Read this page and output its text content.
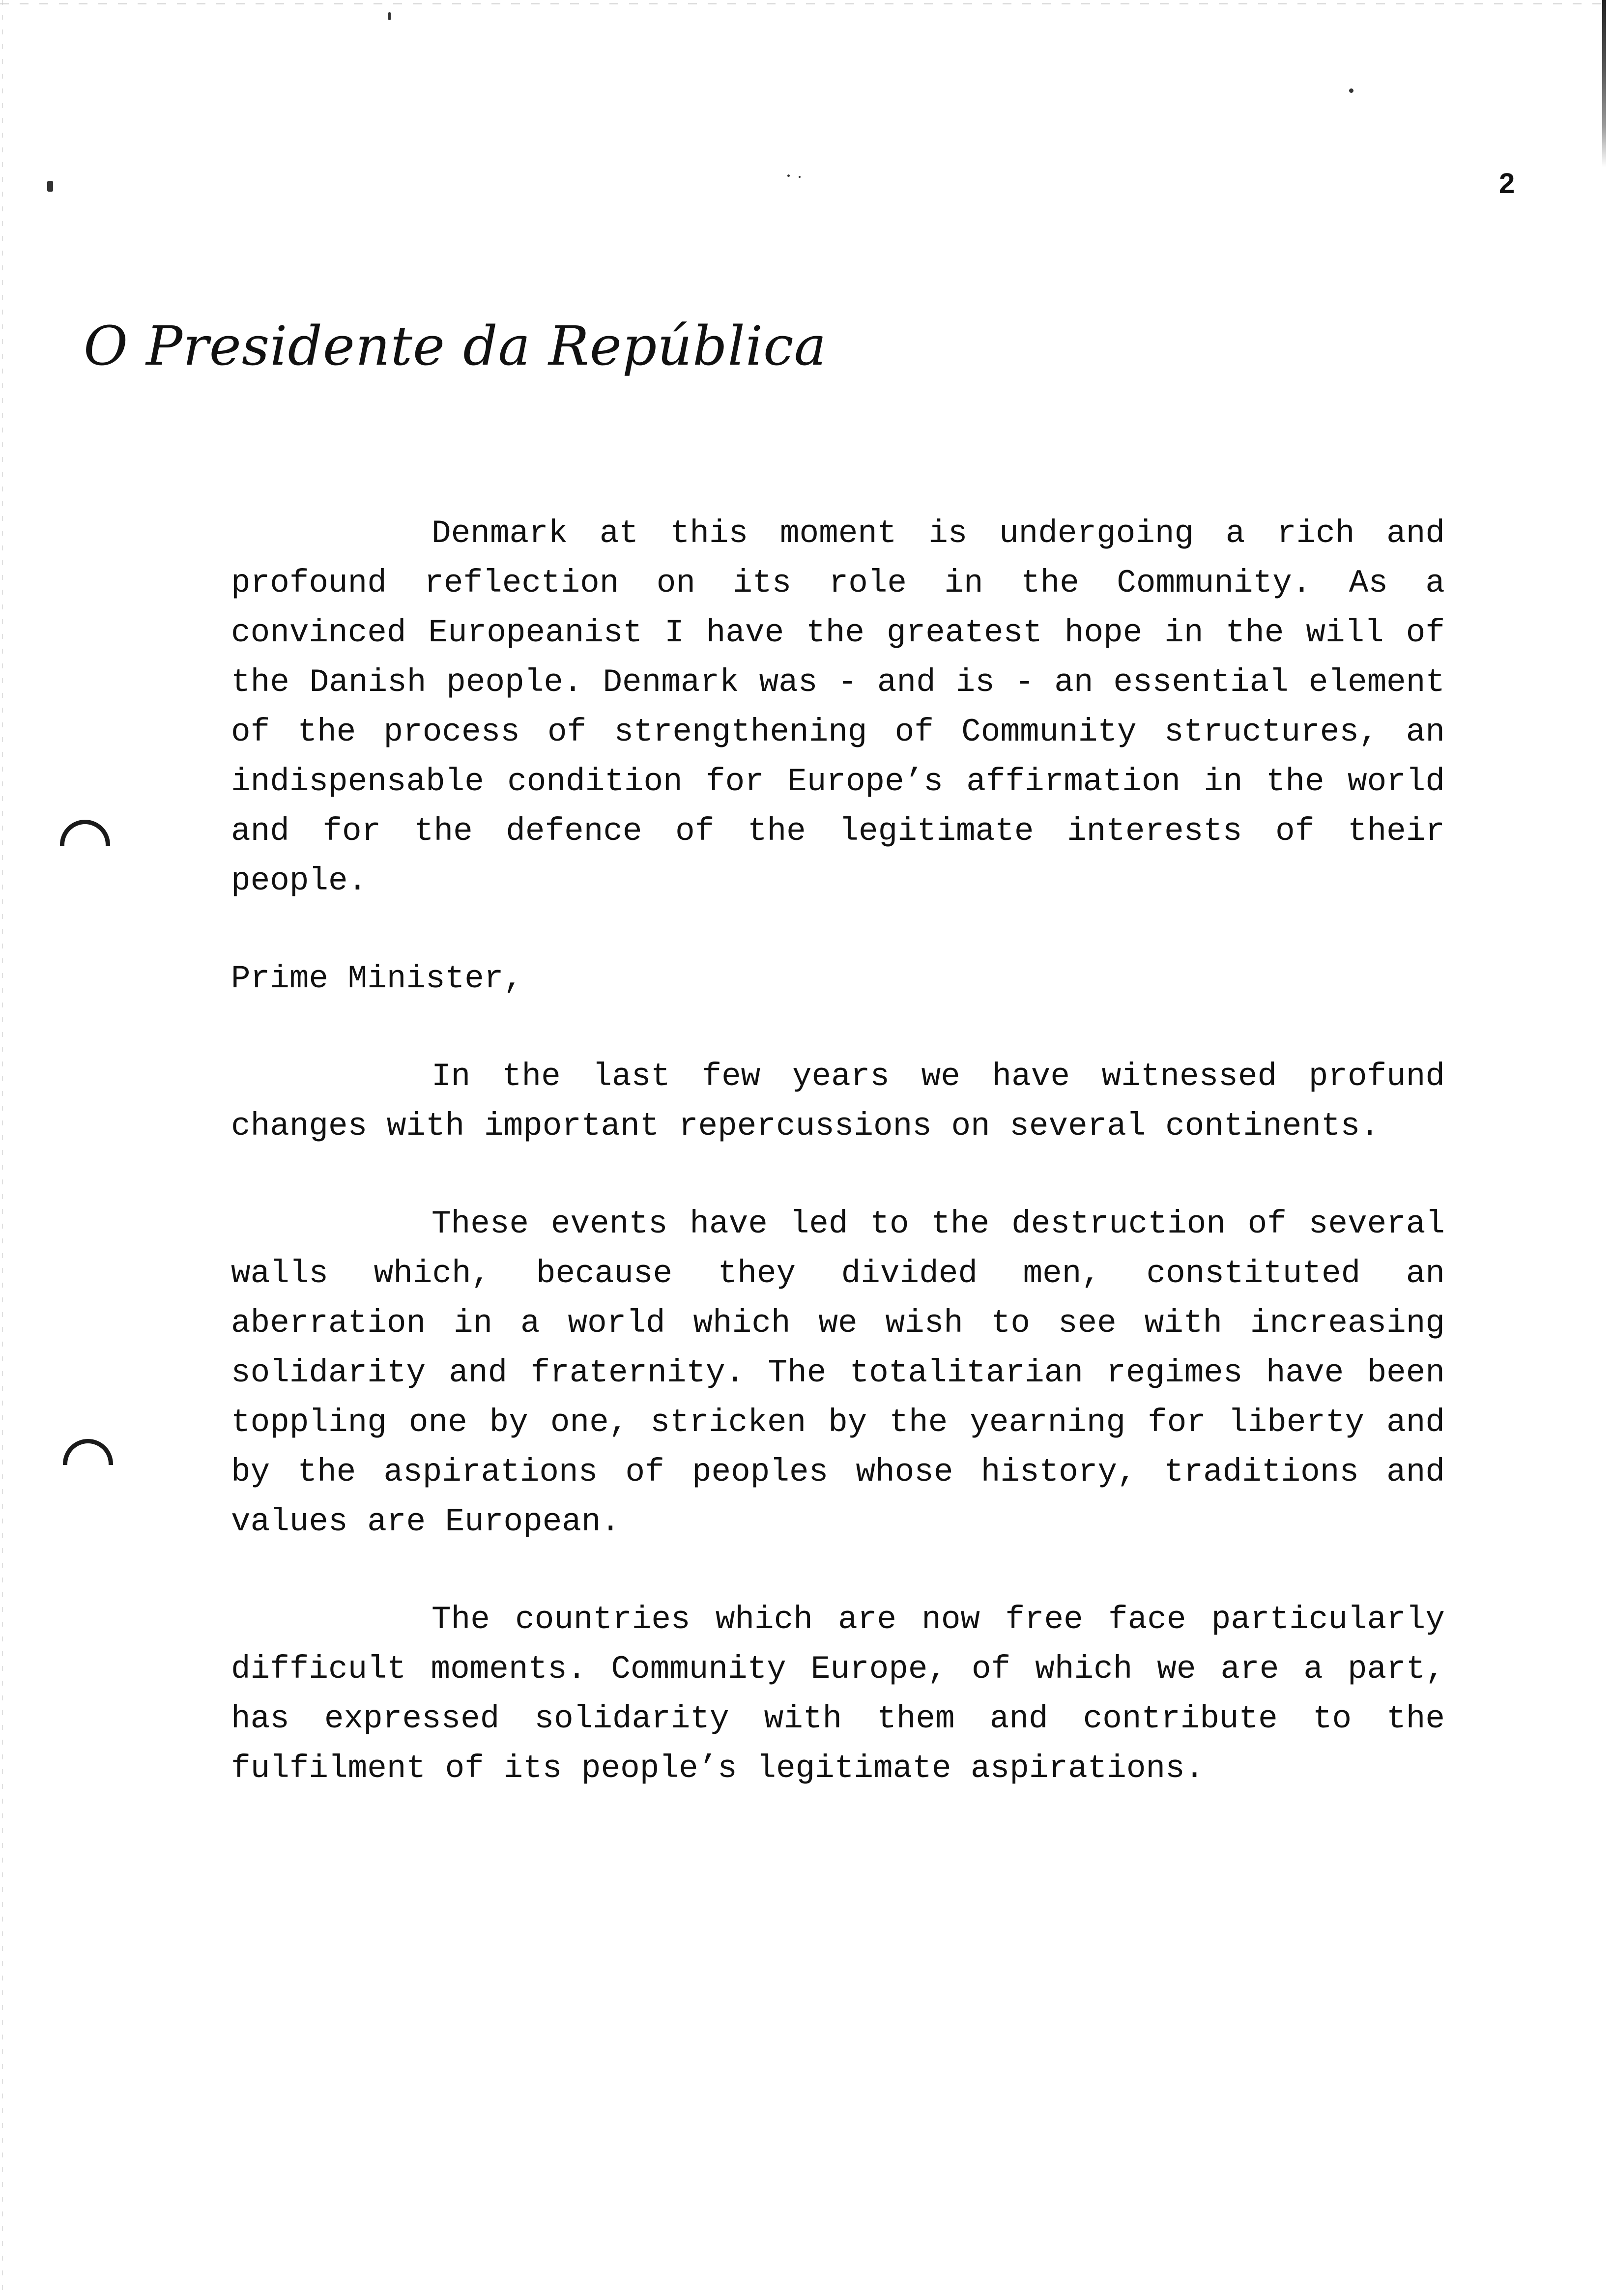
2
O Presidente da República

Denmark at this moment is undergoing a rich and profound reflection on its role in the Community. As a convinced Europeanist I have the greatest hope in the will of the Danish people. Denmark was - and is - an essential element of the process of strengthening of Community structures, an indispensable condition for Europe’s affirmation in the world and for the defence of the legitimate interests of their people.

Prime Minister,

In the last few years we have witnessed profund changes with important repercussions on several continents.

These events have led to the destruction of several walls which, because they divided men, constituted an aberration in a world which we wish to see with increasing solidarity and fraternity. The totalitarian regimes have been toppling one by one, stricken by the yearning for liberty and by the aspirations of peoples whose history, traditions and values are European.

The countries which are now free face particularly difficult moments. Community Europe, of which we are a part, has expressed solidarity with them and contribute to the fulfilment of its people’s legitimate aspirations.
